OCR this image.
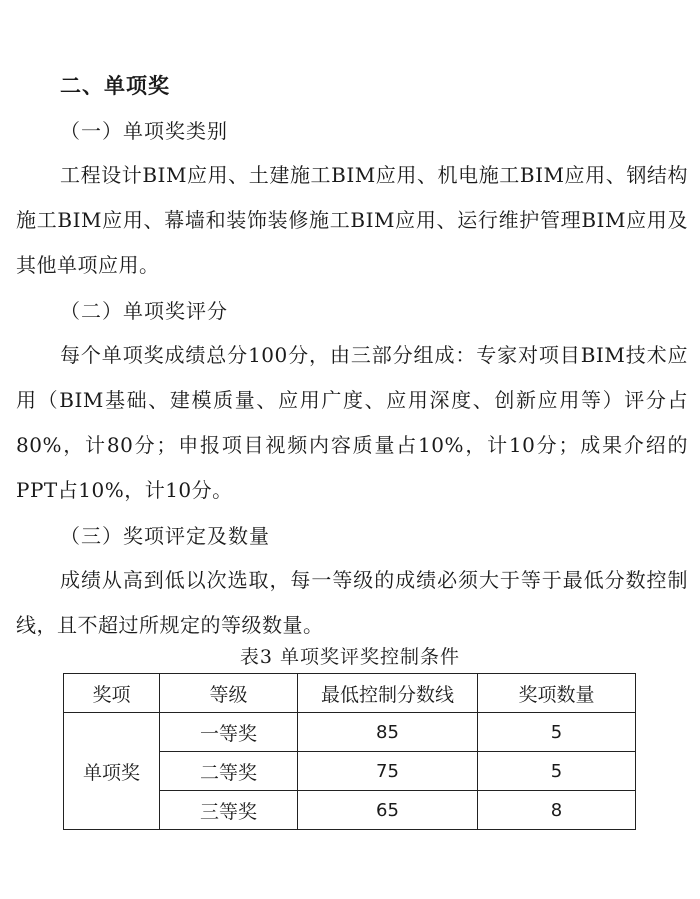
二、单项奖
（一）单项奖类别
工程设计BIM应用、土建施工BIM应用、机电施工BIM应用、钢结构施工BIM应用、幕墙和装饰装修施工BIM应用、运行维护管理BIM应用及其他单项应用。
（二）单项奖评分
每个单项奖成绩总分100分，由三部分组成：专家对项目BIM技术应用（BIM基础、建模质量、应用广度、应用深度、创新应用等）评分占80%，计80分；申报项目视频内容质量占10%，计10分；成果介绍的PPT占10%，计10分。
（三）奖项评定及数量
成绩从高到低以次选取，每一等级的成绩必须大于等于最低分数控制线，且不超过所规定的等级数量。
表3 单项奖评奖控制条件
奖项	等级	最低控制分数线	奖项数量
单项奖	一等奖	85	5
	二等奖	75	5
	三等奖	65	8
